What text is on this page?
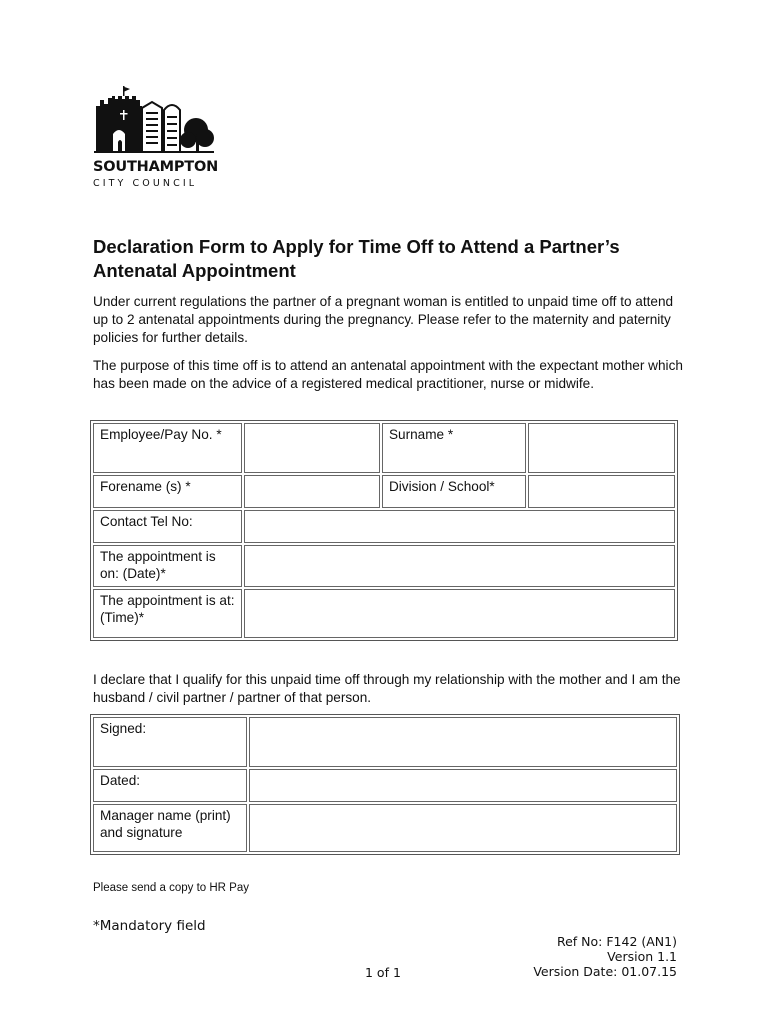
SOUTHAMPTON
CITY COUNCIL
Declaration Form to Apply for Time Off to Attend a Partner’s Antenatal Appointment

Under current regulations the partner of a pregnant woman is entitled to unpaid time off to attend up to 2 antenatal appointments during the pregnancy. Please refer to the maternity and paternity policies for further details.

The purpose of this time off is to attend an antenatal appointment with the expectant mother which has been made on the advice of a registered medical practitioner, nurse or midwife.

Employee/Pay No. *		Surname *	
Forename (s) *		Division / School*	
Contact Tel No:			
The appointment is on: (Date)*			
The appointment is at: (Time)*			

I declare that I qualify for this unpaid time off through my relationship with the mother and I am the husband / civil partner / partner of that person.

Signed:	
Dated:	
Manager name (print) and signature	
Please send a copy to HR Pay
*Mandatory field
Ref No: F142 (AN1)
Version 1.1
Version Date: 01.07.15
1 of 1
